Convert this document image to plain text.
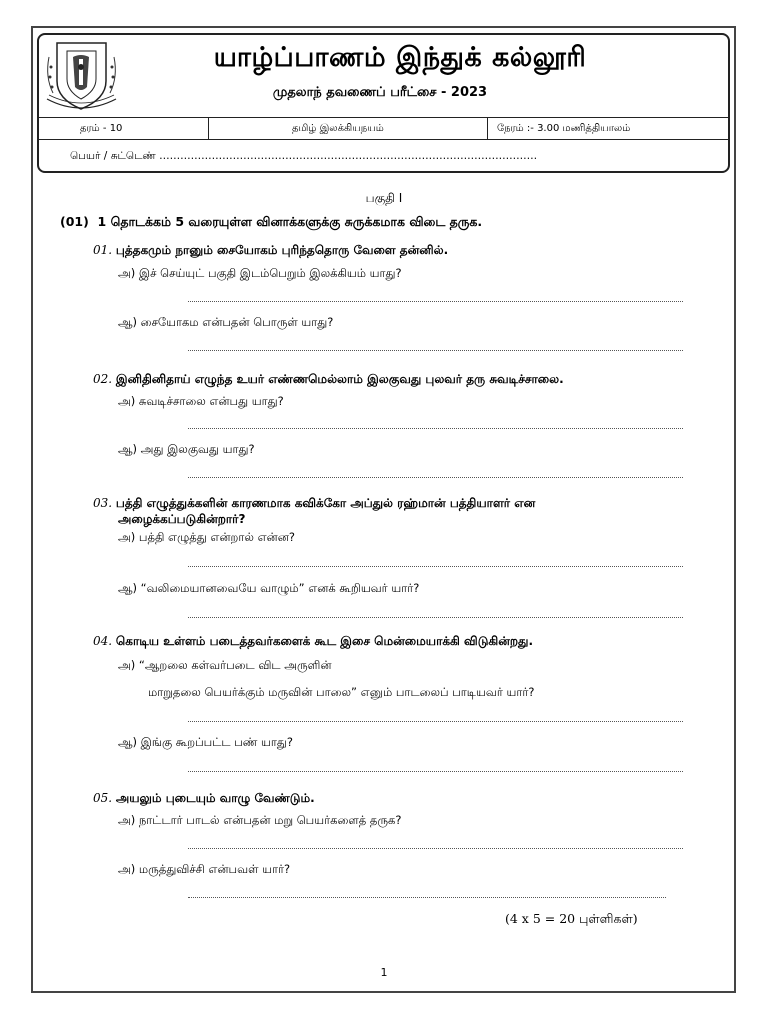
யாழ்ப்பாணம் இந்துக் கல்லூரி
முதலாந் தவணைப் பரீட்சை - 2023
தரம் - 10	தமிழ் இலக்கியநயம்	நேரம் :- 3.00 மணித்தியாலம்
பெயர் / சுட்டெண் ………………………………………………………………………………………………
பகுதி I
(01) 1 தொடக்கம் 5 வரையுள்ள வினாக்களுக்கு சுருக்கமாக விடை தருக.
01. புத்தகமும் நானும் சையோகம் புரிந்ததொரு வேளை தன்னில்.
அ) இச் செய்யுட் பகுதி இடம்பெறும் இலக்கியம் யாது?
ஆ) சையோகம என்பதன் பொருள் யாது?
02. இனிதினிதாய் எழுந்த உயர் எண்ணமெல்லாம் இலகுவது புலவர் தரு சுவடிச்சாலை.
அ) சுவடிச்சாலை என்பது யாது?
ஆ) அது இலகுவது யாது?
03. பத்தி எழுத்துக்களின் காரணமாக கவிக்கோ அப்துல் ரஹ்மான் பத்தியாளர் என
அழைக்கப்படுகின்றார்?
அ) பத்தி எழுத்து என்றால் என்ன?
ஆ) “வலிமையானவையே வாழும்” எனக் கூறியவர் யார்?
04. கொடிய உள்ளம் படைத்தவர்களைக் கூட இசை மென்மையாக்கி விடுகின்றது.
அ) “ஆறலை கள்வர்படை விட அருளின்
மாறுதலை பெயர்க்கும் மருவின் பாலை” எனும் பாடலைப் பாடியவர் யார்?
ஆ) இங்கு கூறப்பட்ட பண் யாது?
05. அயலும் புடையும் வாழு வேண்டும்.
அ) நாட்டார் பாடல் என்பதன் மறு பெயர்களைத் தருக?
அ) மருத்துவிச்சி என்பவள் யார்?
(4 x 5 = 20 புள்ளிகள்)
1
